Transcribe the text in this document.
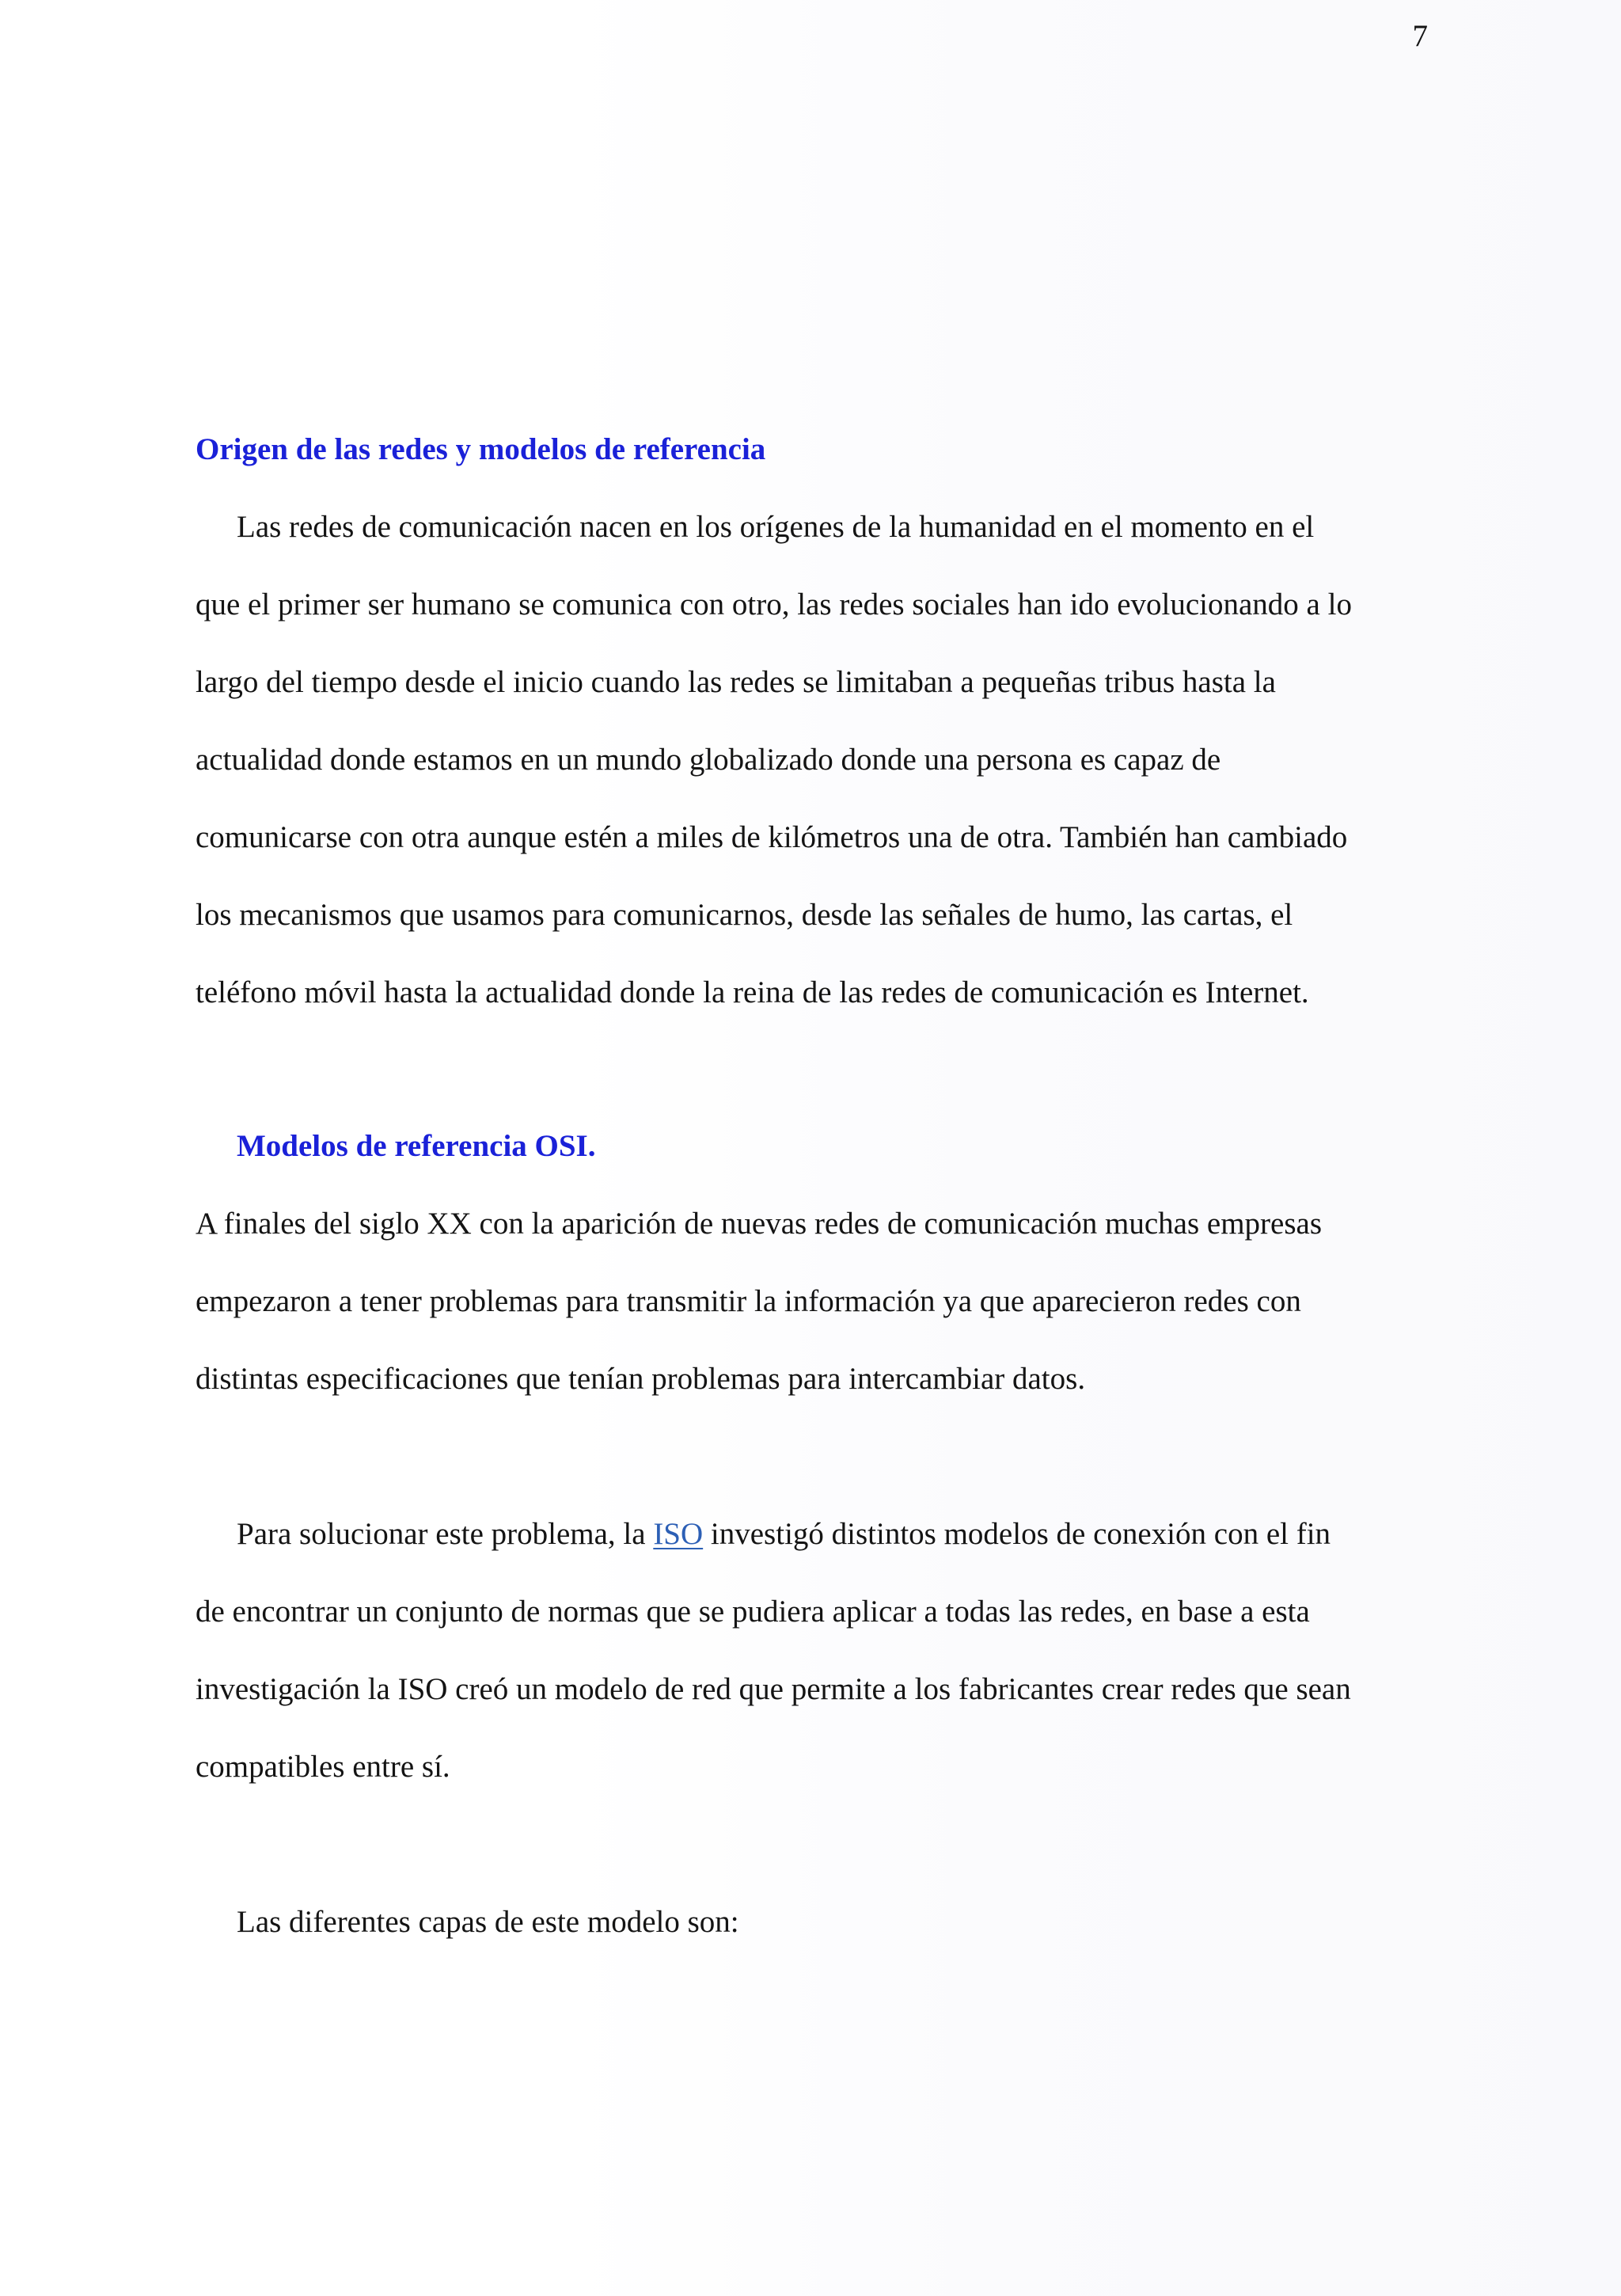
7
Origen de las redes y modelos de referencia

Las redes de comunicación nacen en los orígenes de la humanidad en el momento en el

que el primer ser humano se comunica con otro, las redes sociales han ido evolucionando a lo

largo del tiempo desde el inicio cuando las redes se limitaban a pequeñas tribus hasta la

actualidad donde estamos en un mundo globalizado donde una persona es capaz de

comunicarse con otra aunque estén a miles de kilómetros una de otra. También han cambiado

los mecanismos que usamos para comunicarnos, desde las señales de humo, las cartas, el

teléfono móvil hasta la actualidad donde la reina de las redes de comunicación es Internet.

Modelos de referencia OSI.

A finales del siglo XX con la aparición de nuevas redes de comunicación muchas empresas

empezaron a tener problemas para transmitir la información ya que aparecieron redes con

distintas especificaciones que tenían problemas para intercambiar datos.

Para solucionar este problema, la ISO investigó distintos modelos de conexión con el fin

de encontrar un conjunto de normas que se pudiera aplicar a todas las redes, en base a esta

investigación la ISO creó un modelo de red que permite a los fabricantes crear redes que sean

compatibles entre sí.

Las diferentes capas de este modelo son:
